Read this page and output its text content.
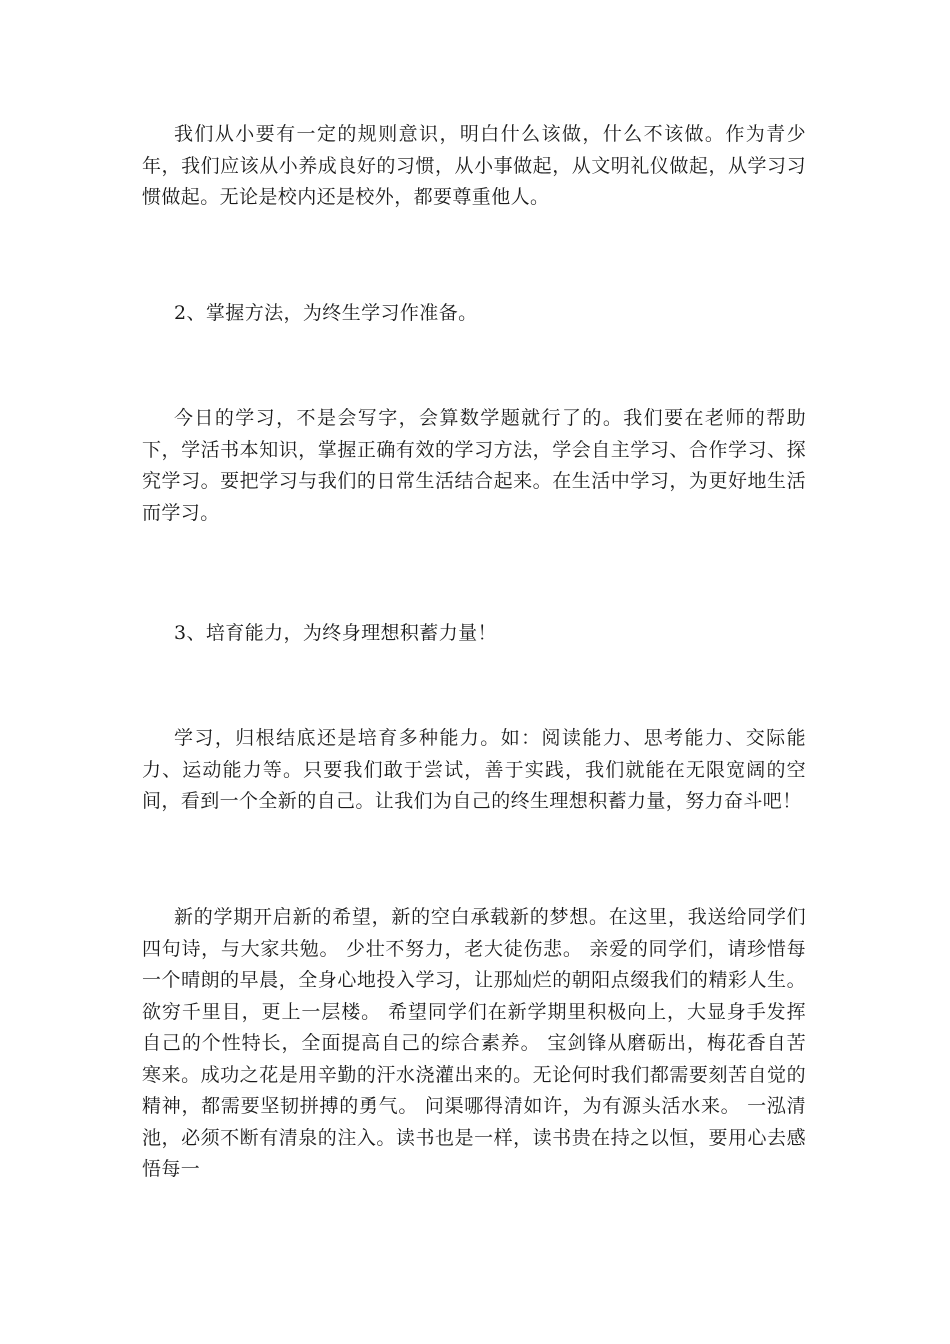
我们从小要有一定的规则意识，明白什么该做，什么不该做。作为青少年，我们应该从小养成良好的习惯，从小事做起，从文明礼仪做起，从学习习惯做起。无论是校内还是校外，都要尊重他人。

2、掌握方法，为终生学习作准备。

今日的学习，不是会写字，会算数学题就行了的。我们要在老师的帮助下，学活书本知识，掌握正确有效的学习方法，学会自主学习、合作学习、探究学习。要把学习与我们的日常生活结合起来。在生活中学习，为更好地生活而学习。

3、培育能力，为终身理想积蓄力量！

学习，归根结底还是培育多种能力。如：阅读能力、思考能力、交际能力、运动能力等。只要我们敢于尝试，善于实践，我们就能在无限宽阔的空间，看到一个全新的自己。让我们为自己的终生理想积蓄力量，努力奋斗吧！

新的学期开启新的希望，新的空白承载新的梦想。在这里，我送给同学们四句诗，与大家共勉。 少壮不努力，老大徒伤悲。 亲爱的同学们，请珍惜每一个晴朗的早晨，全身心地投入学习，让那灿烂的朝阳点缀我们的精彩人生。 欲穷千里目，更上一层楼。 希望同学们在新学期里积极向上，大显身手发挥自己的个性特长，全面提高自己的综合素养。 宝剑锋从磨砺出，梅花香自苦寒来。成功之花是用辛勤的汗水浇灌出来的。无论何时我们都需要刻苦自觉的精神，都需要坚韧拼搏的勇气。 问渠哪得清如许，为有源头活水来。 一泓清池，必须不断有清泉的注入。读书也是一样，读书贵在持之以恒，要用心去感悟每一
